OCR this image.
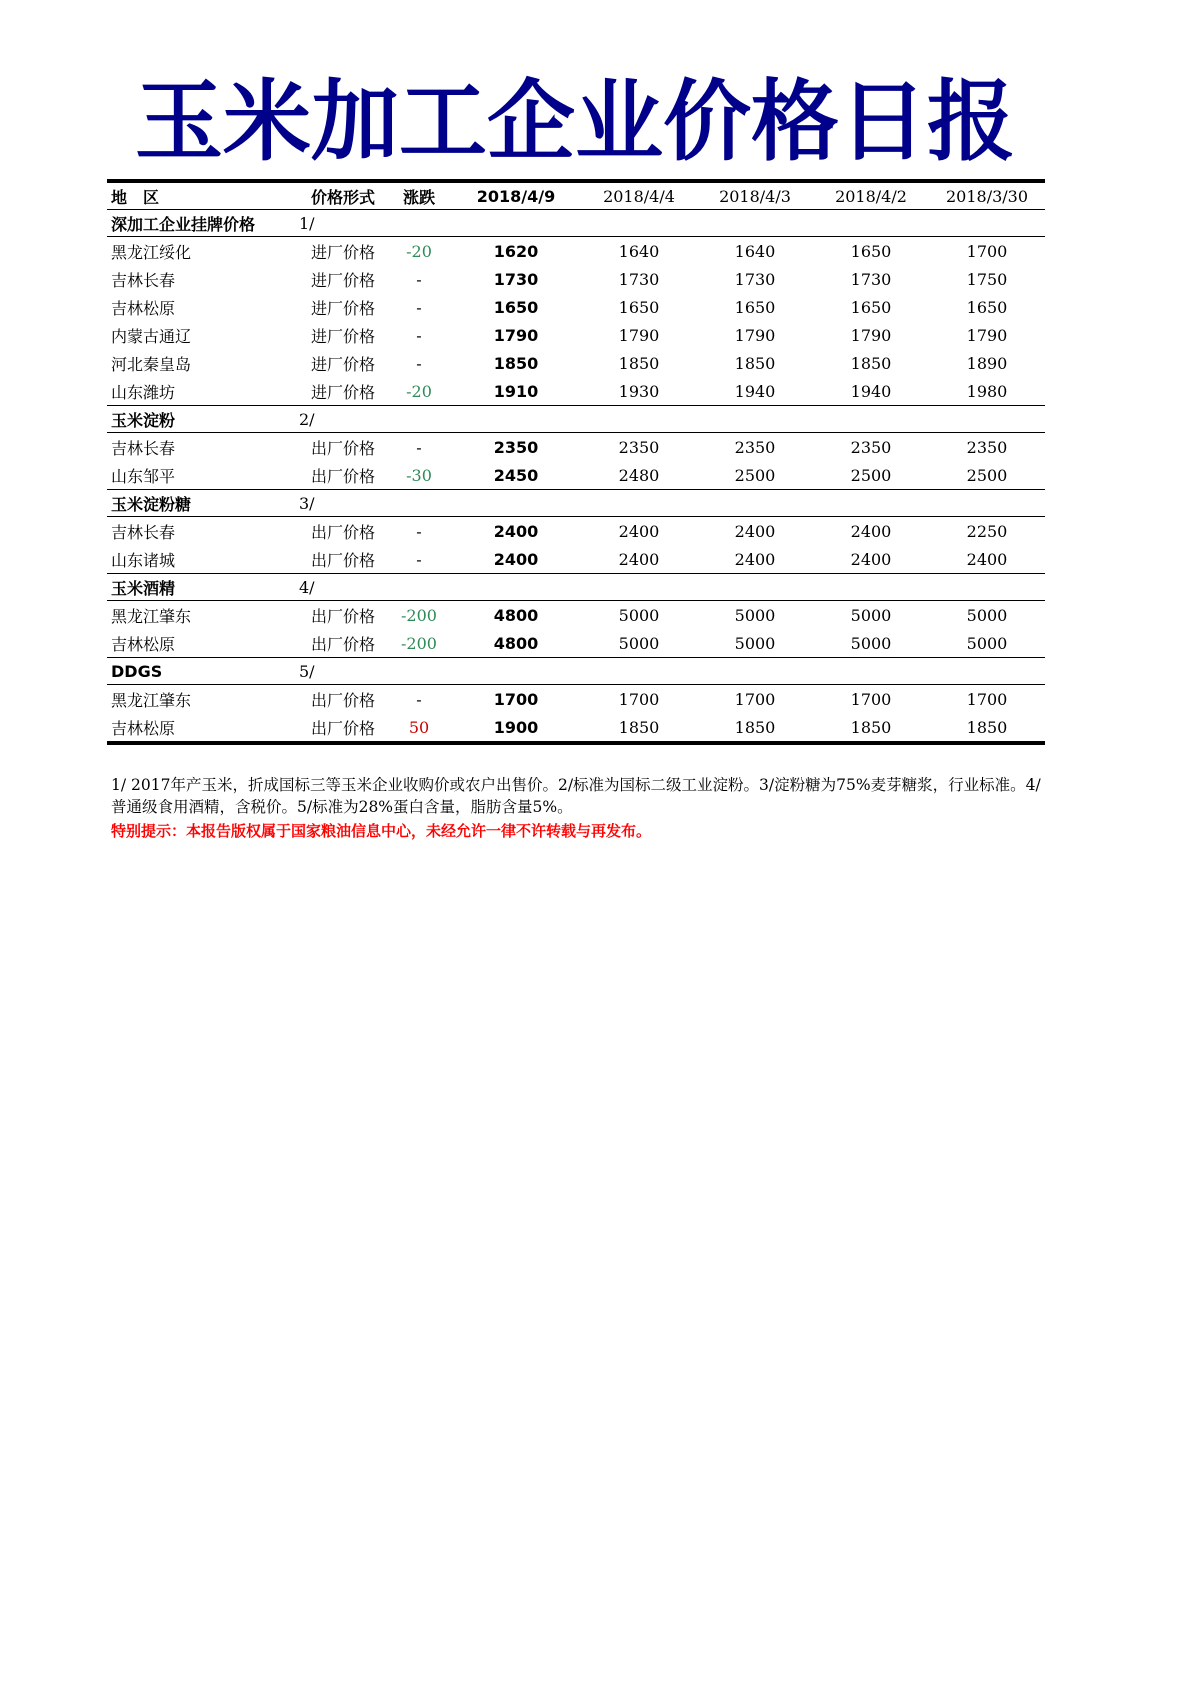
玉米加工企业价格日报
地　区	价格形式	涨跌	2018/4/9	2018/4/4	2018/4/3	2018/4/2	2018/3/30
深加工企业挂牌价格	1/						
黑龙江绥化	进厂价格	-20	1620	1640	1640	1650	1700
吉林长春	进厂价格	-	1730	1730	1730	1730	1750
吉林松原	进厂价格	-	1650	1650	1650	1650	1650
内蒙古通辽	进厂价格	-	1790	1790	1790	1790	1790
河北秦皇岛	进厂价格	-	1850	1850	1850	1850	1890
山东潍坊	进厂价格	-20	1910	1930	1940	1940	1980
玉米淀粉	2/						
吉林长春	出厂价格	-	2350	2350	2350	2350	2350
山东邹平	出厂价格	-30	2450	2480	2500	2500	2500
玉米淀粉糖	3/						
吉林长春	出厂价格	-	2400	2400	2400	2400	2250
山东诸城	出厂价格	-	2400	2400	2400	2400	2400
玉米酒精	4/						
黑龙江肇东	出厂价格	-200	4800	5000	5000	5000	5000
吉林松原	出厂价格	-200	4800	5000	5000	5000	5000
DDGS	5/						
黑龙江肇东	出厂价格	-	1700	1700	1700	1700	1700
吉林松原	出厂价格	50	1900	1850	1850	1850	1850
1/ 2017年产玉米，折成国标三等玉米企业收购价或农户出售价。2/标准为国标二级工业淀粉。3/淀粉糖为75%麦芽糖浆，行业标准。4/普通级食用酒精，含税价。5/标准为28%蛋白含量，脂肪含量5%。
特别提示：本报告版权属于国家粮油信息中心，未经允许一律不许转载与再发布。
